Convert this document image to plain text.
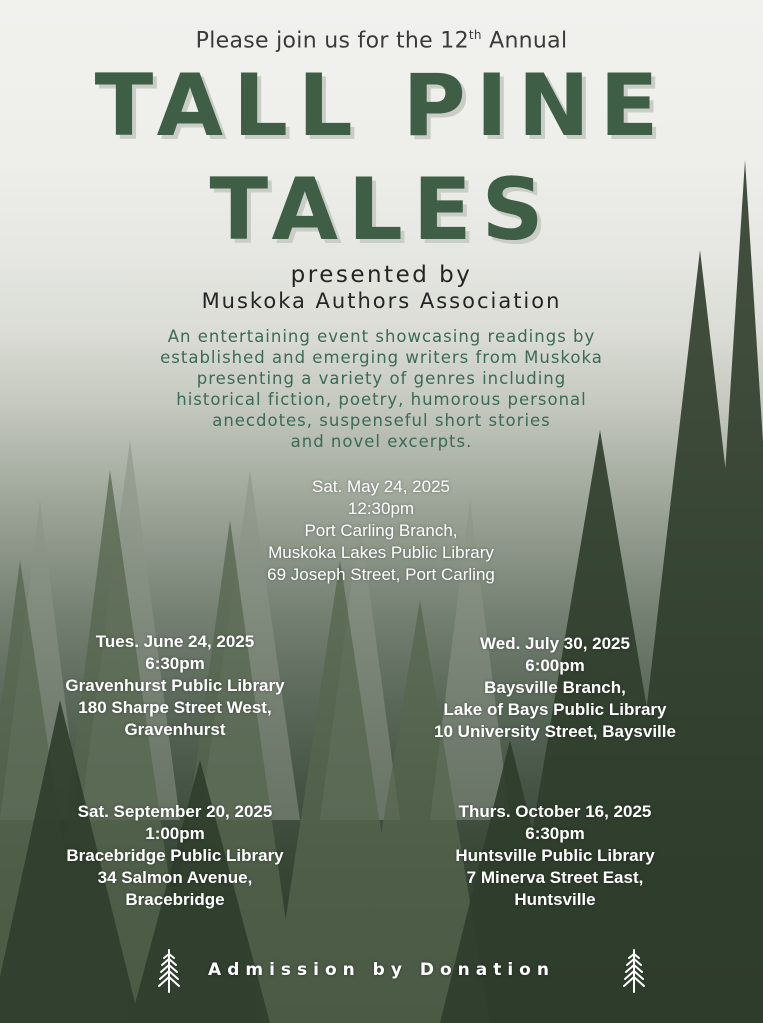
Please join us for the 12th Annual
TALL PINE
TALES
presented by
Muskoka Authors Association
An entertaining event showcasing readings by
established and emerging writers from Muskoka
presenting a variety of genres including
historical fiction, poetry, humorous personal
anecdotes, suspenseful short stories
and novel excerpts.
Sat. May 24, 2025
12:30pm
Port Carling Branch,
Muskoka Lakes Public Library
69 Joseph Street, Port Carling
Tues. June 24, 2025
6:30pm
Gravenhurst Public Library
180 Sharpe Street West,
Gravenhurst
Wed. July 30, 2025
6:00pm
Baysville Branch,
Lake of Bays Public Library
10 University Street, Baysville
Sat. September 20, 2025
1:00pm
Bracebridge Public Library
34 Salmon Avenue,
Bracebridge
Thurs. October 16, 2025
6:30pm
Huntsville Public Library
7 Minerva Street East,
Huntsville
Admission by Donation
